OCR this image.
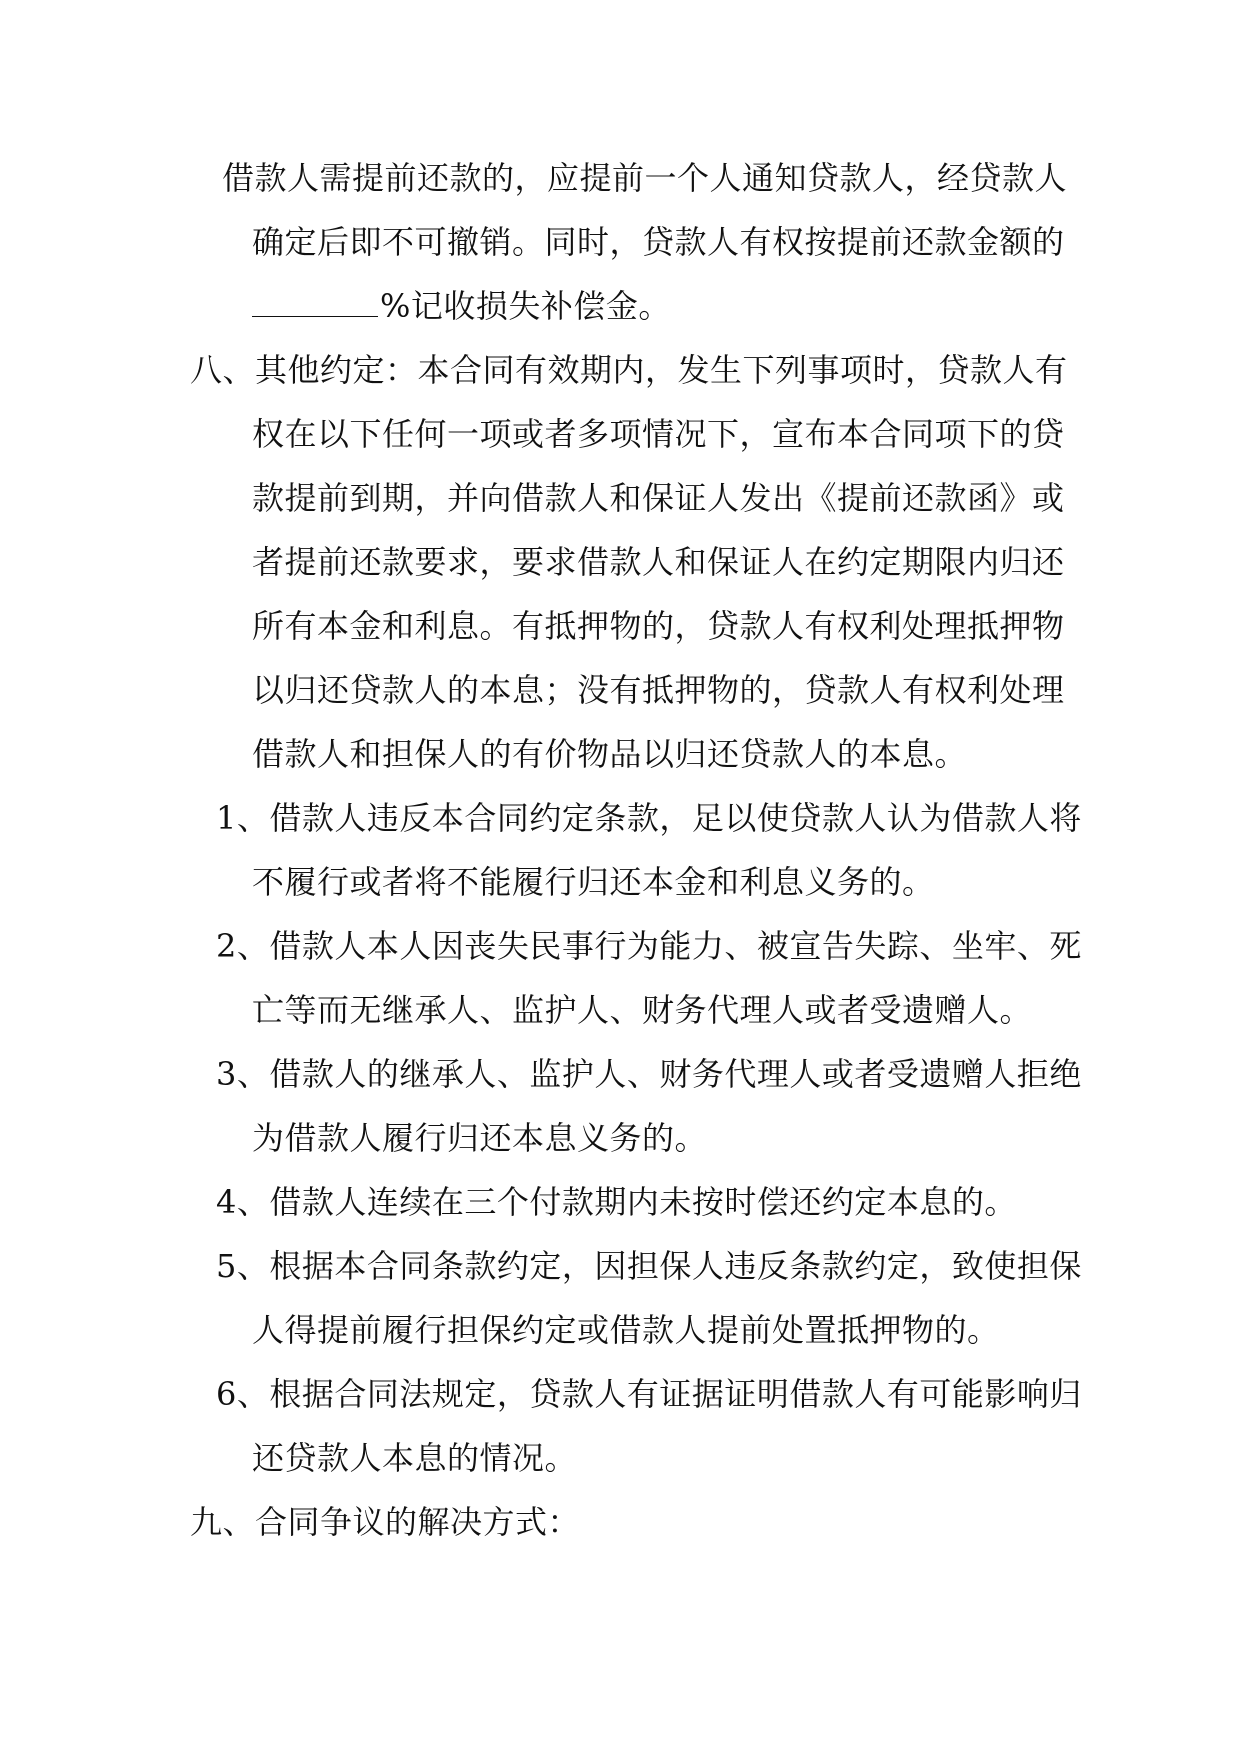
借款人需提前还款的，应提前一个人通知贷款人，经贷款人
确定后即不可撤销。同时，贷款人有权按提前还款金额的
%记收损失补偿金。
八、其他约定：本合同有效期内，发生下列事项时，贷款人有
权在以下任何一项或者多项情况下，宣布本合同项下的贷
款提前到期，并向借款人和保证人发出《提前还款函》或
者提前还款要求，要求借款人和保证人在约定期限内归还
所有本金和利息。有抵押物的，贷款人有权利处理抵押物
以归还贷款人的本息；没有抵押物的，贷款人有权利处理
借款人和担保人的有价物品以归还贷款人的本息。
1、借款人违反本合同约定条款，足以使贷款人认为借款人将
不履行或者将不能履行归还本金和利息义务的。
2、借款人本人因丧失民事行为能力、被宣告失踪、坐牢、死
亡等而无继承人、监护人、财务代理人或者受遗赠人。
3、借款人的继承人、监护人、财务代理人或者受遗赠人拒绝
为借款人履行归还本息义务的。
4、借款人连续在三个付款期内未按时偿还约定本息的。
5、根据本合同条款约定，因担保人违反条款约定，致使担保
人得提前履行担保约定或借款人提前处置抵押物的。
6、根据合同法规定，贷款人有证据证明借款人有可能影响归
还贷款人本息的情况。
九、合同争议的解决方式：
